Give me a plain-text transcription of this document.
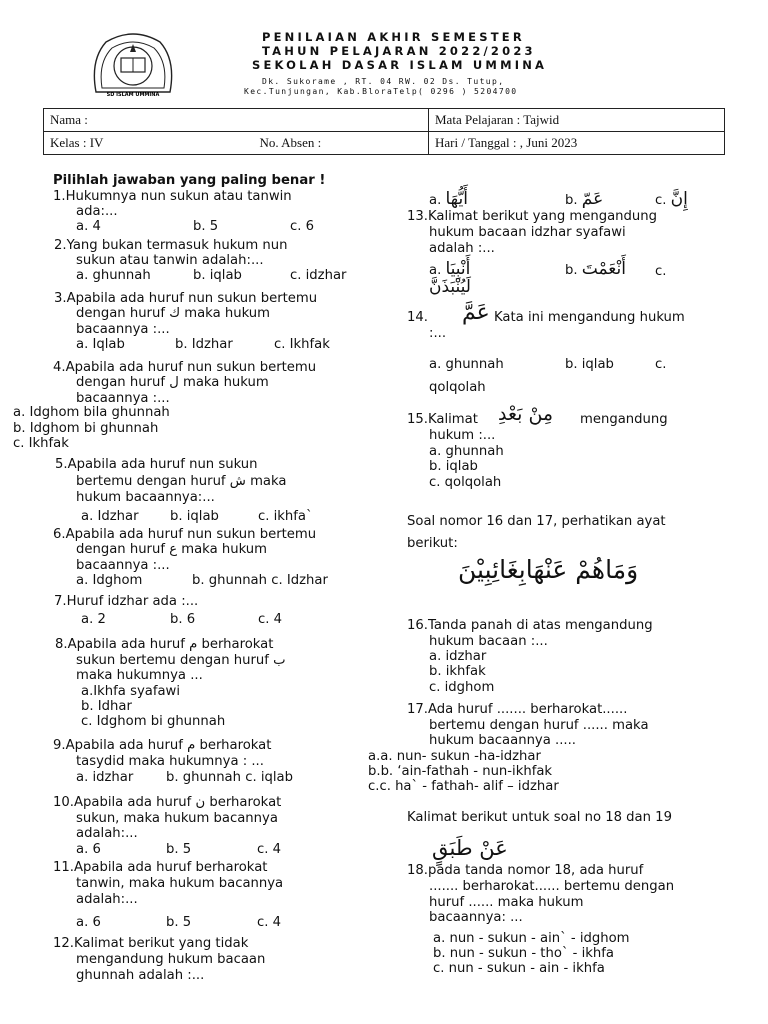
SD ISLAM UMMINA
PENILAIAN AKHIR SEMESTER
TAHUN PELAJARAN 2022/2023
SEKOLAH DASAR ISLAM UMMINA
Dk. Sukorame , RT. 04 RW. 02 Ds. Tutup,
Kec.Tunjungan, Kab.BloraTelp( 0296 ) 5204700
Nama :	Mata Pelajaran : Tajwid
Kelas : IV No. Absen :	Hari / Tanggal : , Juni 2023
Pilihlah jawaban yang paling benar !
1.Hukumnya nun sukun atau tanwin
ada:...
a. 4	b. 5	c. 6
2.Yang bukan termasuk hukum nun
sukun atau tanwin adalah:...
a. ghunnah	b. iqlab	c. idzhar
3.Apabila ada huruf nun sukun bertemu
dengan huruf ك maka hukum
bacaannya :...
a. Iqlab	b. Idzhar	c. Ikhfak
4.Apabila ada huruf nun sukun bertemu
dengan huruf ل maka hukum
bacaannya :...
a. Idghom bila ghunnah
b. Idghom bi ghunnah
c. Ikhfak
5.Apabila ada huruf nun sukun
bertemu dengan huruf ش maka
hukum bacaannya:...
a. Idzhar b. iqlab	c. ikhfa`
6.Apabila ada huruf nun sukun bertemu
dengan huruf ع maka hukum
bacaannya :...
a. Idghom	b. ghunnah c. Idzhar
7.Huruf idzhar ada :...
a. 2	b. 6	c. 4
8.Apabila ada huruf م berharokat
sukun bertemu dengan huruf ب
maka hukumnya ...
a.Ikhfa syafawi
b. Idhar
c. Idghom bi ghunnah
9.Apabila ada huruf م berharokat
tasydid maka hukumnya : ...
a. idzhar b. ghunnah c. iqlab
10.Apabila ada huruf ن berharokat
sukun, maka hukum bacannya
adalah:...
a. 6	b. 5	c. 4
11.Apabila ada huruf berharokat
tanwin, maka hukum bacannya
adalah:...
a. 6	b. 5	c. 4
12.Kalimat berikut yang tidak
mengandung hukum bacaan
ghunnah adalah :...
a. أَيُّهَا	b. عَمّ	c. إِنَّ
13.Kalimat berikut yang mengandung
hukum bacaan idzhar syafawi
adalah :...
a. أَنْبِيَا	b. أَنْعَمْتَ c.
لَيُنْبَذَنَّ
14. عَمَّ Kata ini mengandung hukum
:...
a. ghunnah	b. iqlab	c.
qolqolah
15.Kalimat مِنْ بَعْدِ mengandung
hukum :...
a. ghunnah
b. iqlab
c. qolqolah
Soal nomor 16 dan 17, perhatikan ayat
berikut:
وَمَاهُمْ عَنْهَابِغَائِبِيْنَ
16.Tanda panah di atas mengandung
hukum bacaan :...
a. idzhar
b. ikhfak
c. idghom
17.Ada huruf ....... berharokat......
bertemu dengan huruf ...... maka
hukum bacaannya .....
a.a. nun- sukun -ha-idzhar
b.b. ‘ain-fathah - nun-ikhfak
c.c. ha` - fathah- alif – idzhar
Kalimat berikut untuk soal no 18 dan 19
عَنْ طَبَقٍ
18.pada tanda nomor 18, ada huruf
....... berharokat...... bertemu dengan
huruf ...... maka hukum
bacaannya: ...
a. nun - sukun - ain` - idghom
b. nun - sukun - tho` - ikhfa
c. nun - sukun - ain - ikhfa
